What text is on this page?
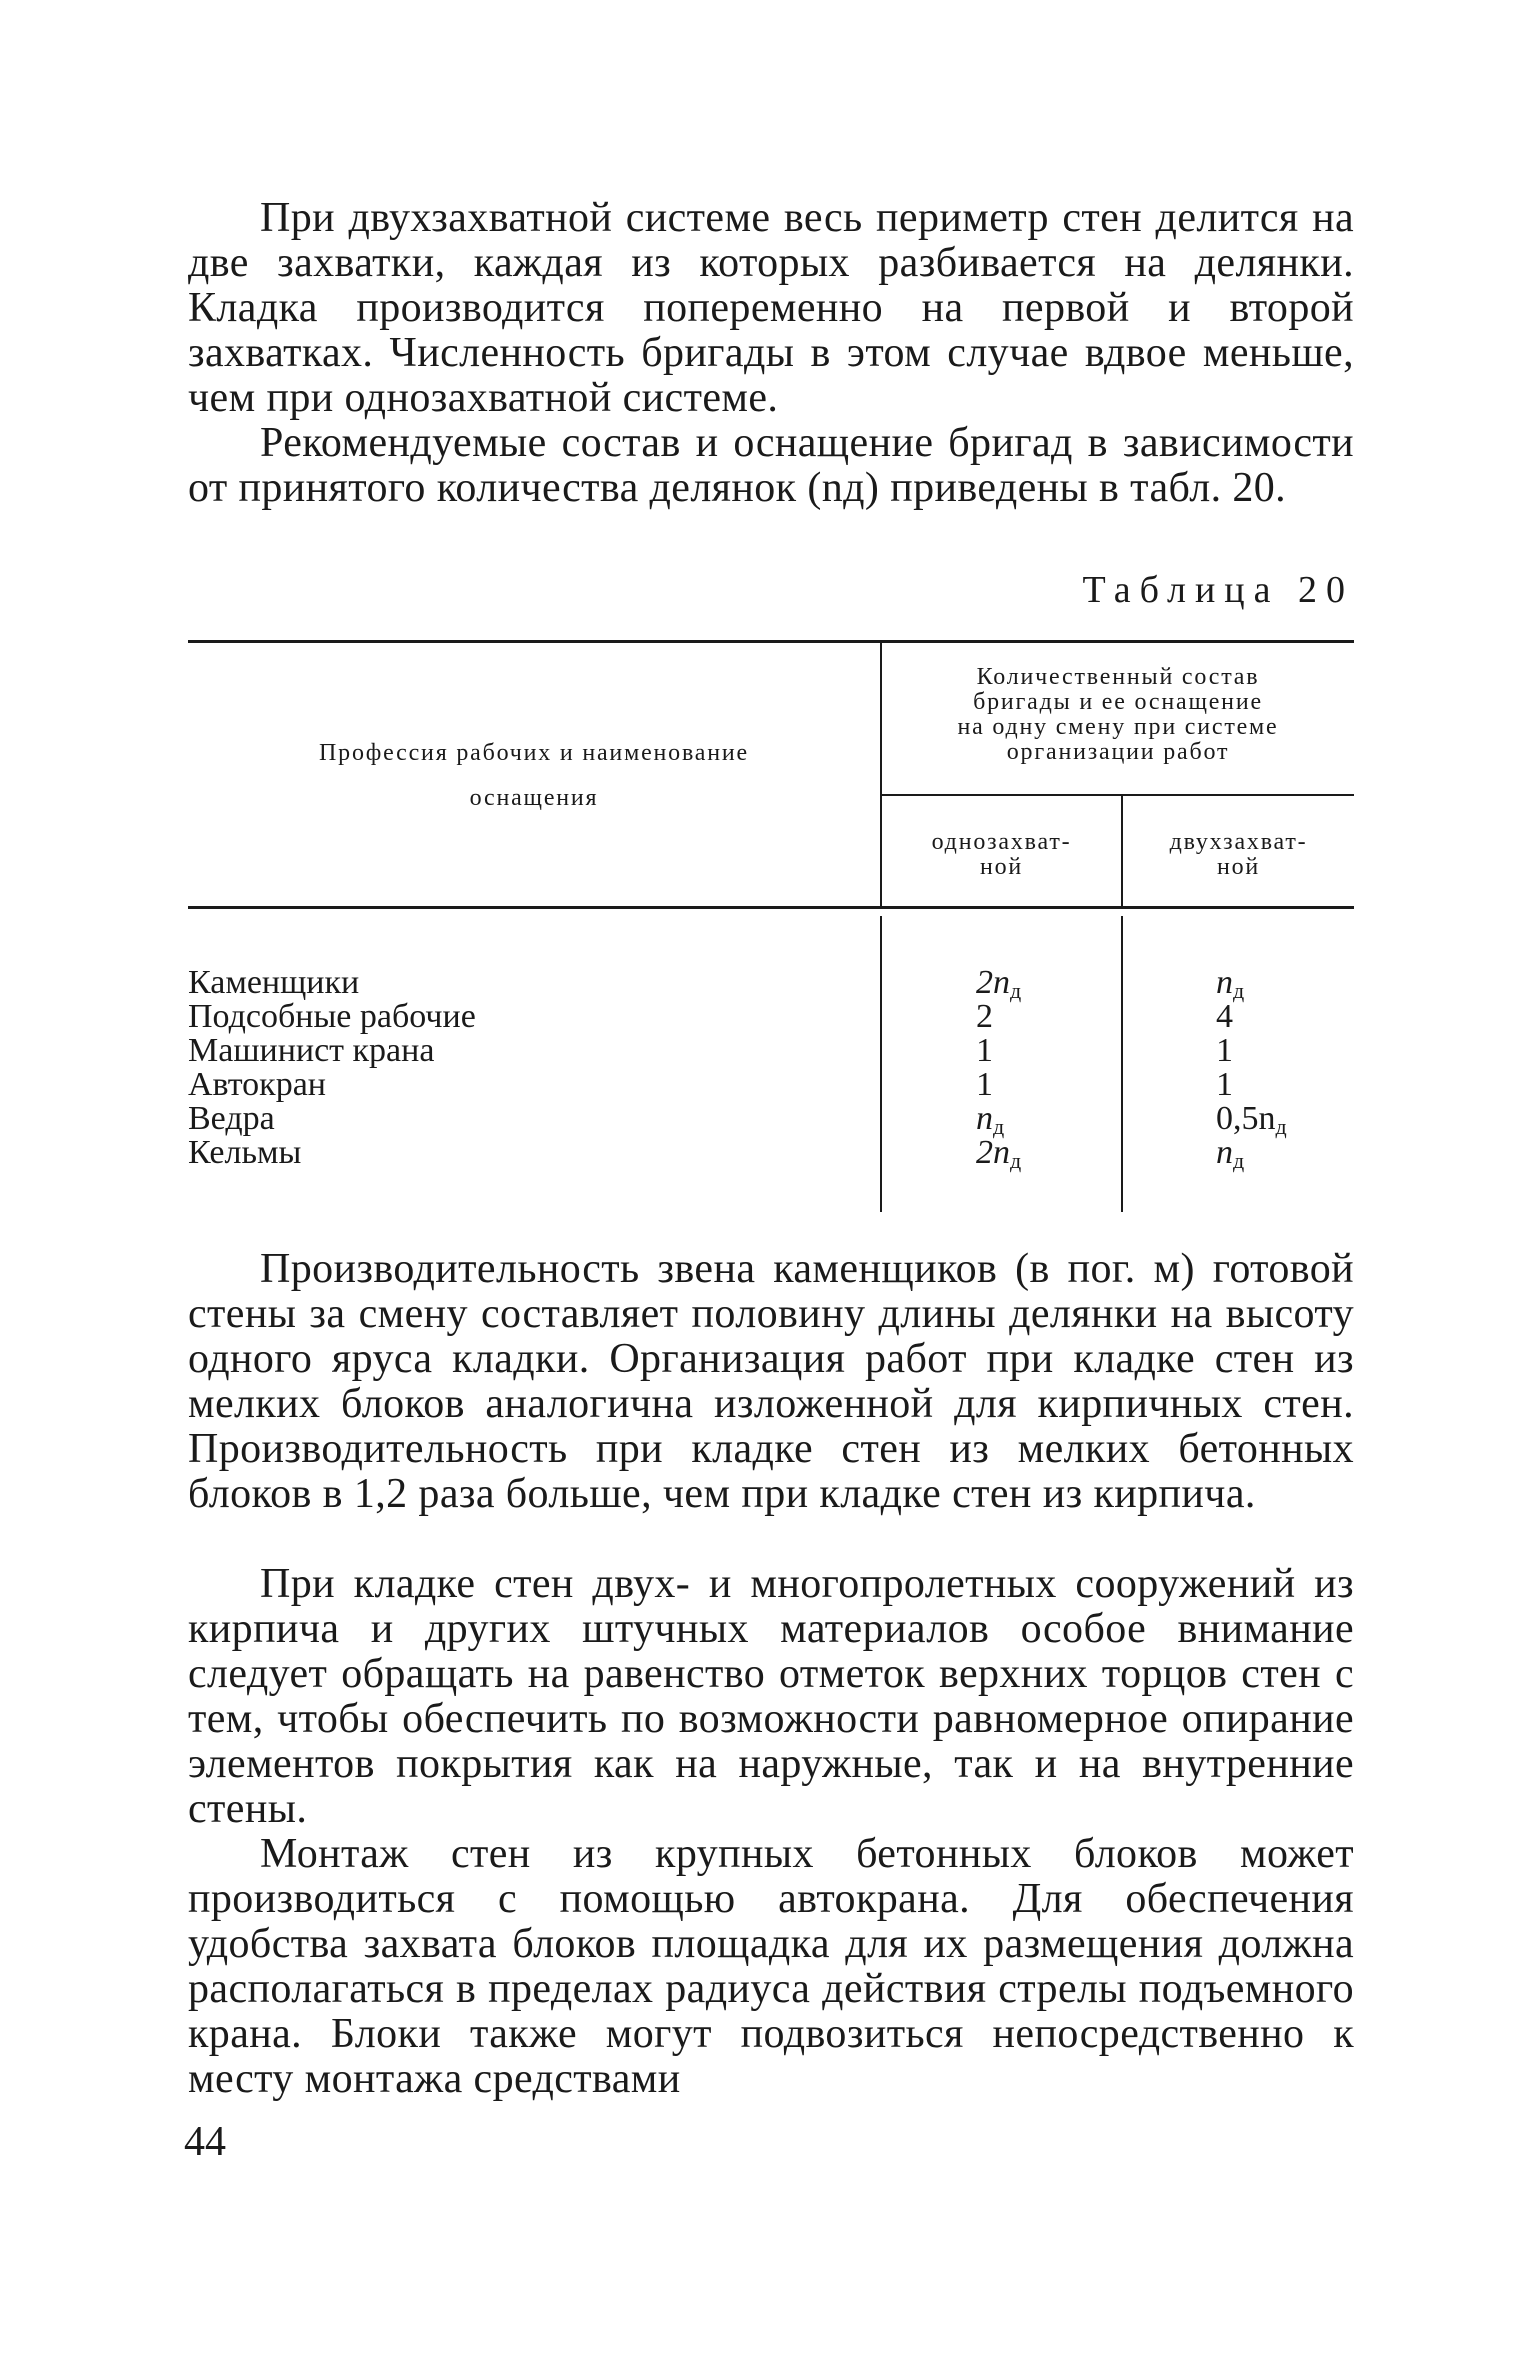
При двухзахватной системе весь периметр стен делится на две захватки, каждая из которых разбивается на делянки. Кладка производится попеременно на первой и второй захватках. Численность бригады в этом случае вдвое меньше, чем при однозахватной системе.

Рекомендуемые состав и оснащение бригад в зависимости от принятого количества делянок (nд) приведены в табл. 20.

Таблица 20

Профессия рабочих и наименование

оснащения

Количественный состав

бригады и ее оснащение

на одну смену при системе

организации работ

однозахват-

ной

двухзахват-

ной

Каменщики

Подсобные рабочие

Машинист крана

Автокран

Ведра

Кельмы

$2n_д$

2

1

1

$n_д$

$2n_д$

$n_д$

4

1

1

$0,5n_д$

$n_д$

Производительность звена каменщиков (в пог. м) готовой стены за смену составляет половину длины делянки на высоту одного яруса кладки. Организация работ при кладке стен из мелких блоков аналогична изложенной для кирпичных стен. Производительность при кладке стен из мелких бетонных блоков в 1,2 раза больше, чем при кладке стен из кирпича.

При кладке стен двух- и многопролетных сооружений из кирпича и других штучных материалов особое внимание следует обращать на равенство отметок верхних торцов стен с тем, чтобы обеспечить по возможности равномерное опирание элементов покрытия как на наружные, так и на внутренние стены.

Монтаж стен из крупных бетонных блоков может производиться с помощью автокрана. Для обеспечения удобства захвата блоков площадка для их размещения должна располагаться в пределах радиуса действия стрелы подъемного крана. Блоки также могут подвозиться непосредственно к месту монтажа средствами

44
